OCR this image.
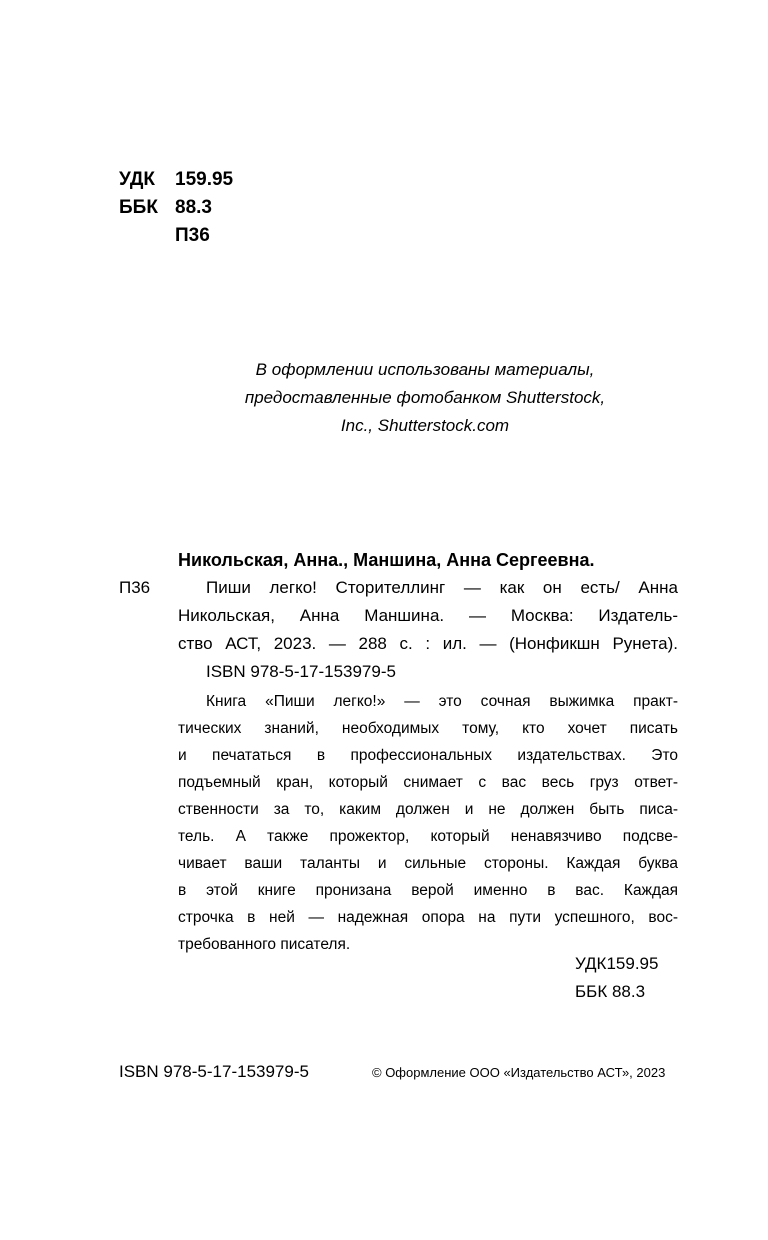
УДК 159.95
ББК 88.3
П36
В оформлении использованы материалы,
предоставленные фотобанком Shutterstock,
Inc., Shutterstock.com
Никольская, Анна., Маншина, Анна Сергеевна.
П36	Пиши легко! Сторителлинг — как он есть/ Анна
Никольская, Анна Маншина. — Москва: Издатель-
ство АСТ, 2023. — 288 с. : ил. — (Нонфикшн Рунета).
ISBN 978-5-17-153979-5
Книга «Пиши легко!» — это сочная выжимка практ-
тических знаний, необходимых тому, кто хочет писать
и печататься в профессиональных издательствах. Это
подъемный кран, который снимает с вас весь груз ответ-
ственности за то, каким должен и не должен быть писа-
тель. А также прожектор, который ненавязчиво подсве-
чивает ваши таланты и сильные стороны. Каждая буква
в этой книге пронизана верой именно в вас. Каждая
строчка в ней — надежная опора на пути успешного, вос-
требованного писателя.
УДК159.95
ББК 88.3
ISBN 978-5-17-153979-5	© Оформление ООО «Издательство АСТ», 2023
